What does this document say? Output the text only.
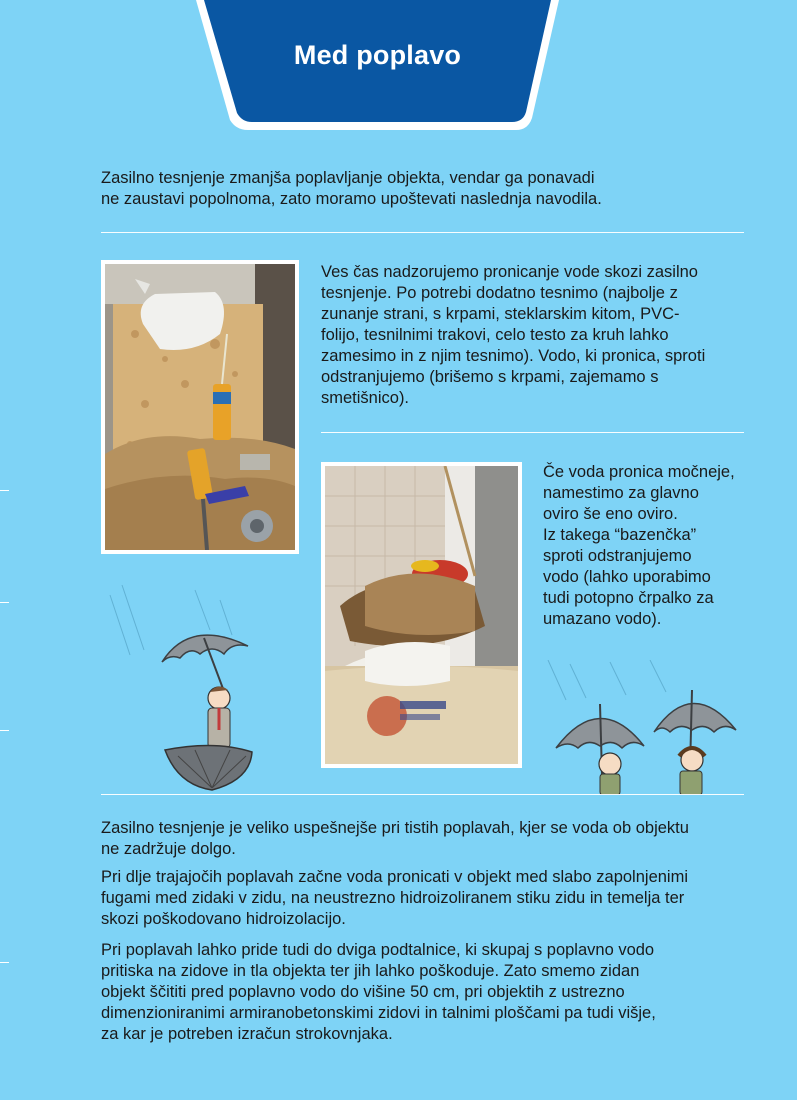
Med poplavo

Zasilno tesnjenje zmanjša poplavljanje objekta, vendar ga ponavadi

ne zaustavi popolnoma, zato moramo upoštevati naslednja navodila.

Ves čas nadzorujemo pronicanje vode skozi zasilno

tesnjenje. Po potrebi dodatno tesnimo (najbolje z

zunanje strani, s krpami, steklarskim kitom, PVC-

folijo, tesnilnimi trakovi, celo testo za kruh lahko

zamesimo in z njim tesnimo). Vodo, ki pronica, sproti

odstranjujemo (brišemo s krpami, zajemamo s

smetišnico).

Če voda pronica močneje,

namestimo za glavno

oviro še eno oviro.

Iz takega “bazenčka”

sproti odstranjujemo

vodo (lahko uporabimo

tudi potopno črpalko za

umazano vodo).

Zasilno tesnjenje je veliko uspešnejše pri tistih poplavah, kjer se voda ob objektu

ne zadržuje dolgo.

Pri dlje trajajočih poplavah začne voda pronicati v objekt med slabo zapolnjenimi

fugami med zidaki v zidu, na neustrezno hidroizoliranem stiku zidu in temelja ter

skozi poškodovano hidroizolacijo.

Pri poplavah lahko pride tudi do dviga podtalnice, ki skupaj s poplavno vodo

pritiska na zidove in tla objekta ter jih lahko poškoduje. Zato smemo zidan

objekt ščititi pred poplavno vodo do višine 50 cm, pri objektih z ustrezno

dimenzioniranimi armiranobetonskimi zidovi in talnimi ploščami pa tudi višje,

za kar je potreben izračun strokovnjaka.
